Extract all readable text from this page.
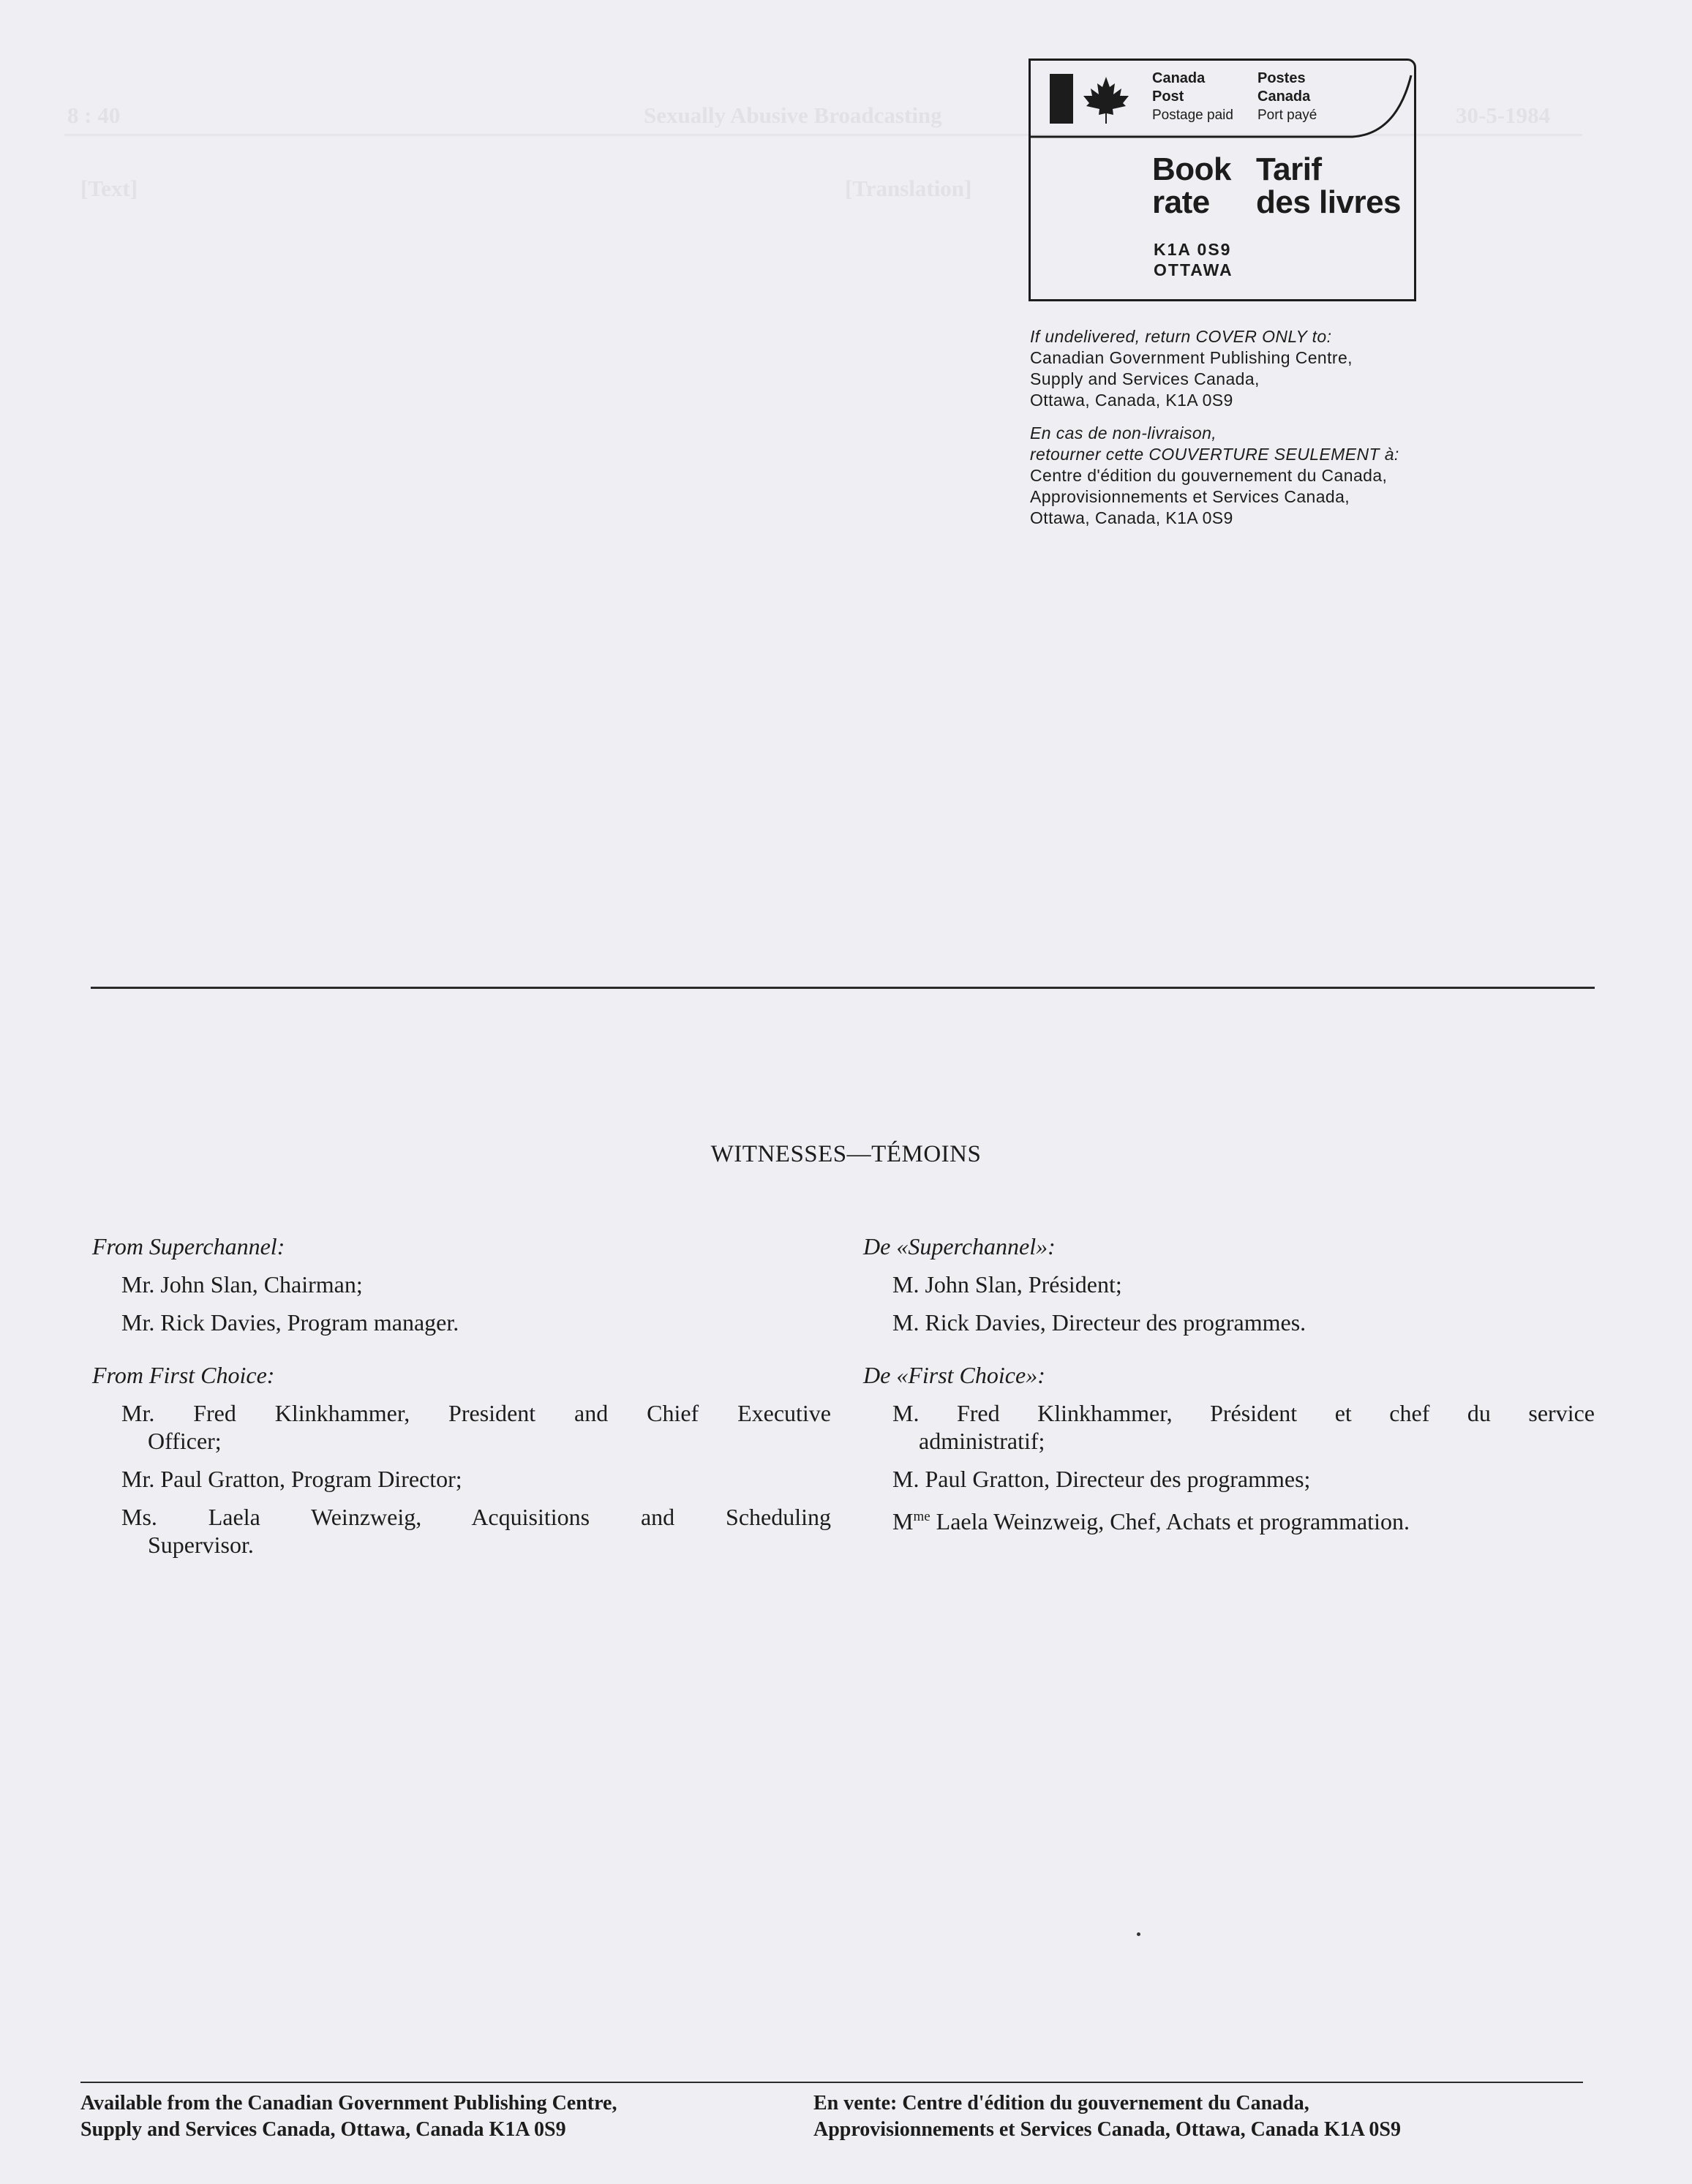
8 : 40	Sexually Abusive Broadcasting	30-5-1984
[Text]	[Translation]
Canada
Post
Postage paid
Postes
Canada
Port payé
Book
rate
Tarif
des livres
K1A 0S9
OTTAWA
If undelivered, return COVER ONLY to:
Canadian Government Publishing Centre,
Supply and Services Canada,
Ottawa, Canada, K1A 0S9
En cas de non-livraison,
retourner cette COUVERTURE SEULEMENT à:
Centre d'édition du gouvernement du Canada,
Approvisionnements et Services Canada,
Ottawa, Canada, K1A 0S9
WITNESSES—TÉMOINS
From Superchannel:
Mr. John Slan, Chairman;
Mr. Rick Davies, Program manager.
From First Choice:
Mr. Fred Klinkhammer, President and Chief Executive
Officer;
Mr. Paul Gratton, Program Director;
Ms. Laela Weinzweig, Acquisitions and Scheduling
Supervisor.
De «Superchannel»:
M. John Slan, Président;
M. Rick Davies, Directeur des programmes.
De «First Choice»:
M. Fred Klinkhammer, Président et chef du service
administratif;
M. Paul Gratton, Directeur des programmes;
$M^{me}$ Laela Weinzweig, Chef, Achats et programmation.
Available from the Canadian Government Publishing Centre,
Supply and Services Canada, Ottawa, Canada K1A 0S9
En vente: Centre d'édition du gouvernement du Canada,
Approvisionnements et Services Canada, Ottawa, Canada K1A 0S9
